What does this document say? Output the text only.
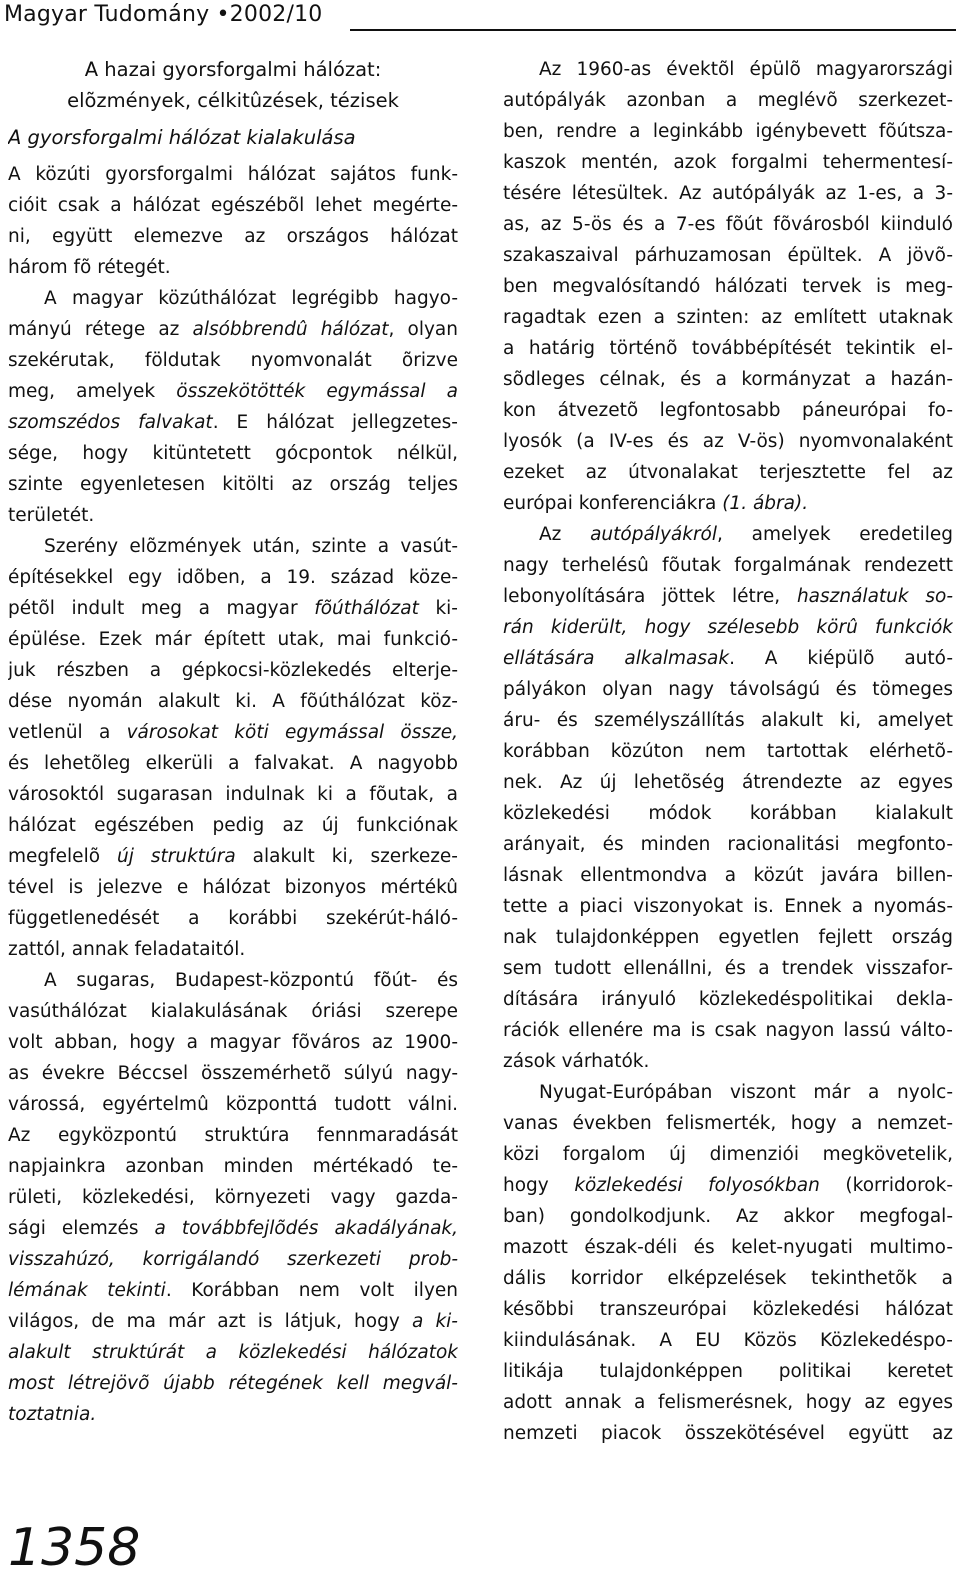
Magyar Tudomány •2002/10
A hazai gyorsforgalmi hálózat:
elõzmények, célkitûzések, tézisek
A gyorsforgalmi hálózat kialakulása
A közúti gyorsforgalmi hálózat sajátos funk-
cióit csak a hálózat egészébõl lehet megérte-
ni, együtt elemezve az országos hálózat
három fõ rétegét.
A magyar közúthálózat legrégibb hagyo-
mányú rétege az alsóbbrendû hálózat, olyan
szekérutak, földutak nyomvonalát õrizve
meg, amelyek összekötötték egymással a
szomszédos falvakat. E hálózat jellegzetes-
sége, hogy kitüntetett gócpontok nélkül,
szinte egyenletesen kitölti az ország teljes
területét.
Szerény elõzmények után, szinte a vasút-
építésekkel egy idõben, a 19. század köze-
pétõl indult meg a magyar fõúthálózat ki-
épülése. Ezek már épített utak, mai funkció-
juk részben a gépkocsi-közlekedés elterje-
dése nyomán alakult ki. A fõúthálózat köz-
vetlenül a városokat köti egymással össze,
és lehetõleg elkerüli a falvakat. A nagyobb
városoktól sugarasan indulnak ki a fõutak, a
hálózat egészében pedig az új funkciónak
megfelelõ új struktúra alakult ki, szerkeze-
tével is jelezve e hálózat bizonyos mértékû
függetlenedését a korábbi szekérút-háló-
zattól, annak feladataitól.
A sugaras, Budapest-központú fõút- és
vasúthálózat kialakulásának óriási szerepe
volt abban, hogy a magyar fõváros az 1900-
as évekre Béccsel összemérhetõ súlyú nagy-
várossá, egyértelmû központtá tudott válni.
Az egyközpontú struktúra fennmaradását
napjainkra azonban minden mértékadó te-
rületi, közlekedési, környezeti vagy gazda-
sági elemzés a továbbfejlõdés akadályának,
visszahúzó, korrigálandó szerkezeti prob-
lémának tekinti. Korábban nem volt ilyen
világos, de ma már azt is látjuk, hogy a ki-
alakult struktúrát a közlekedési hálózatok
most létrejövõ újabb rétegének kell megvál-
toztatnia.
Az 1960-as évektõl épülõ magyarországi
autópályák azonban a meglévõ szerkezet-
ben, rendre a leginkább igénybevett fõútsza-
kaszok mentén, azok forgalmi tehermentesí-
tésére létesültek. Az autópályák az 1-es, a 3-
as, az 5-ös és a 7-es fõút fõvárosból kiinduló
szakaszaival párhuzamosan épültek. A jövõ-
ben megvalósítandó hálózati tervek is meg-
ragadtak ezen a szinten: az említett utaknak
a határig történõ továbbépítését tekintik el-
sõdleges célnak, és a kormányzat a hazán-
kon átvezetõ legfontosabb páneurópai fo-
lyosók (a IV-es és az V-ös) nyomvonalaként
ezeket az útvonalakat terjesztette fel az
európai konferenciákra (1. ábra).
Az autópályákról, amelyek eredetileg
nagy terhelésû fõutak forgalmának rendezett
lebonyolítására jöttek létre, használatuk so-
rán kiderült, hogy szélesebb körû funkciók
ellátására alkalmasak. A kiépülõ autó-
pályákon olyan nagy távolságú és tömeges
áru- és személyszállítás alakult ki, amelyet
korábban közúton nem tartottak elérhetõ-
nek. Az új lehetõség átrendezte az egyes
közlekedési módok korábban kialakult
arányait, és minden racionalitási megfonto-
lásnak ellentmondva a közút javára billen-
tette a piaci viszonyokat is. Ennek a nyomás-
nak tulajdonképpen egyetlen fejlett ország
sem tudott ellenállni, és a trendek visszafor-
dítására irányuló közlekedéspolitikai dekla-
rációk ellenére ma is csak nagyon lassú válto-
zások várhatók.
Nyugat-Európában viszont már a nyolc-
vanas években felismerték, hogy a nemzet-
közi forgalom új dimenziói megkövetelik,
hogy közlekedési folyosókban (korridorok-
ban) gondolkodjunk. Az akkor megfogal-
mazott észak-déli és kelet-nyugati multimo-
dális korridor elképzelések tekinthetõk a
késõbbi transzeurópai közlekedési hálózat
kiindulásának. A EU Közös Közlekedéspo-
litikája tulajdonképpen politikai keretet
adott annak a felismerésnek, hogy az egyes
nemzeti piacok összekötésével együtt az
1358
